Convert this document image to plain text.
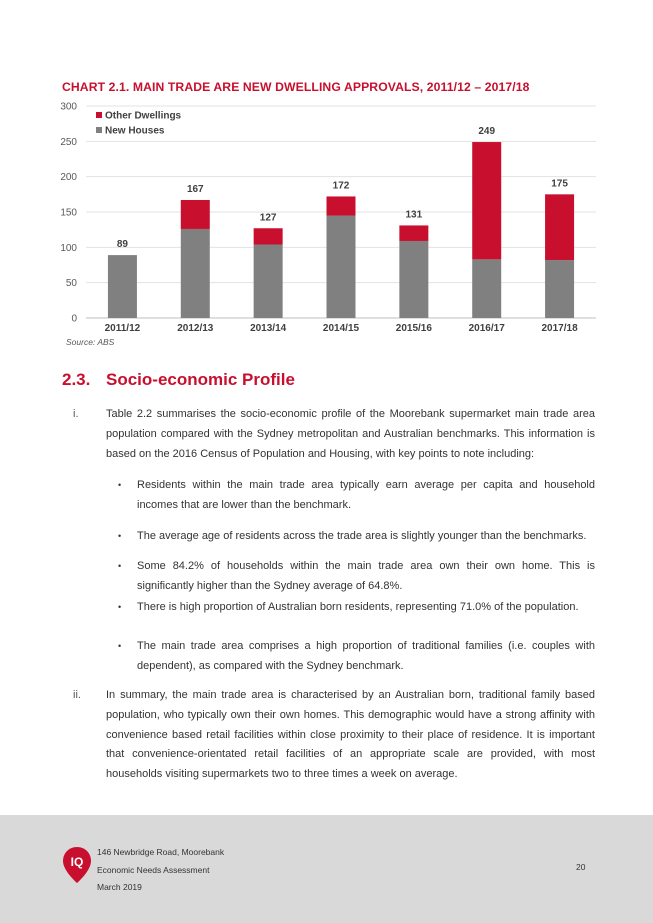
CHART 2.1. MAIN TRADE ARE NEW DWELLING APPROVALS, 2011/12 – 2017/18
0
50
100
150
200
250
300
89
2011/12
167
2012/13
127
2013/14
172
2014/15
131
2015/16
249
2016/17
175
2017/18
Other Dwellings
New Houses
Source: ABS
2.3. Socio-economic Profile
i.	Table 2.2 summarises the socio-economic profile of the Moorebank supermarket main trade area population compared with the Sydney metropolitan and Australian benchmarks. This information is based on the 2016 Census of Population and Housing, with key points to note including:
• Residents within the main trade area typically earn average per capita and household incomes that are lower than the benchmark.
• The average age of residents across the trade area is slightly younger than the benchmarks.
• Some 84.2% of households within the main trade area own their own home. This is significantly higher than the Sydney average of 64.8%.
• There is high proportion of Australian born residents, representing 71.0% of the population.
• The main trade area comprises a high proportion of traditional families (i.e. couples with dependent), as compared with the Sydney benchmark.
ii. In summary, the main trade area is characterised by an Australian born, traditional family based population, who typically own their own homes. This demographic would have a strong affinity with convenience based retail facilities within close proximity to their place of residence. It is important that convenience-orientated retail facilities of an appropriate scale are provided, with most households visiting supermarkets two to three times a week on average.
IQ
146 Newbridge Road, Moorebank
Economic Needs Assessment
March 2019
20
